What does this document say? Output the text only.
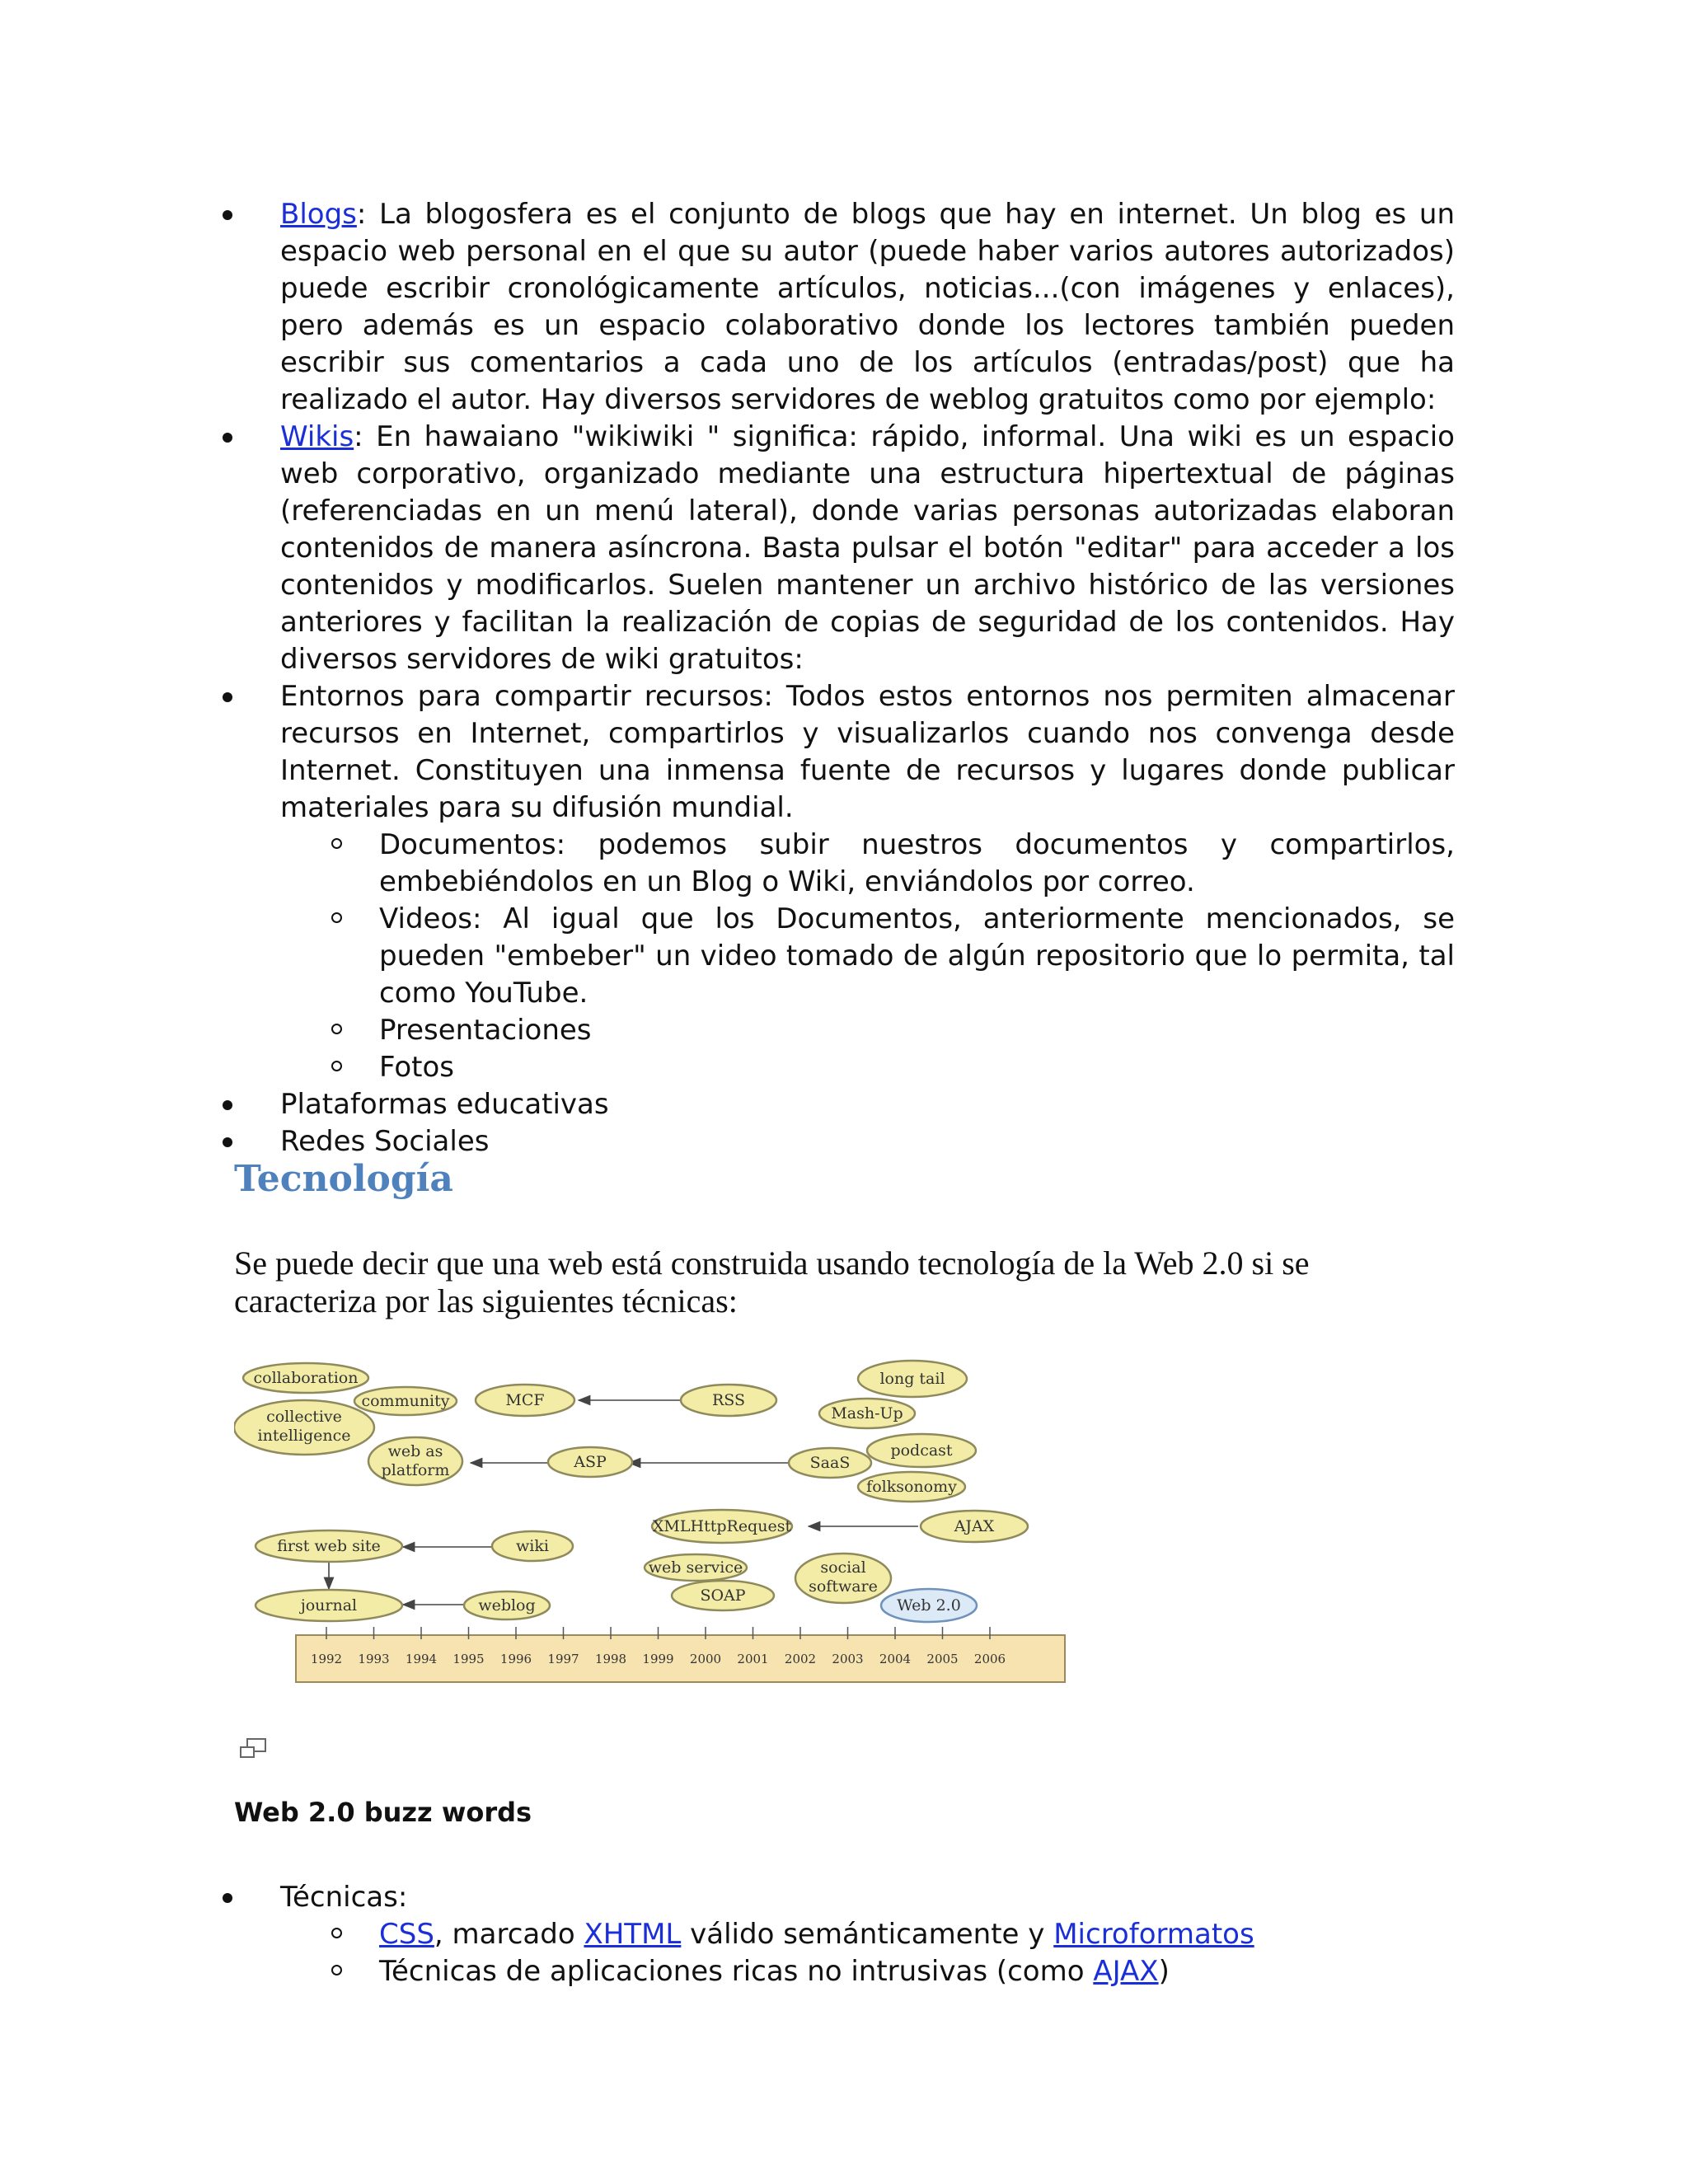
Blogs: La blogosfera es el conjunto de blogs que hay en internet. Un blog es un espacio web personal en el que su autor (puede haber varios autores autorizados) puede escribir cronológicamente artículos, noticias...(con imágenes y enlaces), pero además es un espacio colaborativo donde los lectores también pueden escribir sus comentarios a cada uno de los artículos (entradas/post) que ha realizado el autor. Hay diversos servidores de weblog gratuitos como por ejemplo:
Wikis: En hawaiano "wikiwiki " significa: rápido, informal. Una wiki es un espacio web corporativo, organizado mediante una estructura hipertextual de páginas (referenciadas en un menú lateral), donde varias personas autorizadas elaboran contenidos de manera asíncrona. Basta pulsar el botón "editar" para acceder a los contenidos y modificarlos. Suelen mantener un archivo histórico de las versiones anteriores y facilitan la realización de copias de seguridad de los contenidos. Hay diversos servidores de wiki gratuitos:
Entornos para compartir recursos: Todos estos entornos nos permiten almacenar recursos en Internet, compartirlos y visualizarlos cuando nos convenga desde Internet. Constituyen una inmensa fuente de recursos y lugares donde publicar materiales para su difusión mundial.
Documentos: podemos subir nuestros documentos y compartirlos, embebiéndolos en un Blog o Wiki, enviándolos por correo.
Videos: Al igual que los Documentos, anteriormente mencionados, se pueden "embeber" un video tomado de algún repositorio que lo permita, tal como YouTube.
Presentaciones
Fotos
Plataformas educativas
Redes Sociales
Tecnología
Se puede decir que una web está construida usando tecnología de la Web 2.0 si se caracteriza por las siguientes técnicas:
collaboration
community	MCF	RSS
long tail
Mash-Up
collective
intelligence
web as
platform	ASP	SaaS
podcast
folksonomy
XMLHttpRequest	AJAX
first web site	wiki
web service
SOAP
social
software
Web 2.0
journal	weblog
1992 1993 1994 1995 1996 1997 1998 1999 2000 2001 2002 2003 2004 2005 2006
Web 2.0 buzz words
Técnicas:
CSS, marcado XHTML válido semánticamente y Microformatos
Técnicas de aplicaciones ricas no intrusivas (como AJAX)
